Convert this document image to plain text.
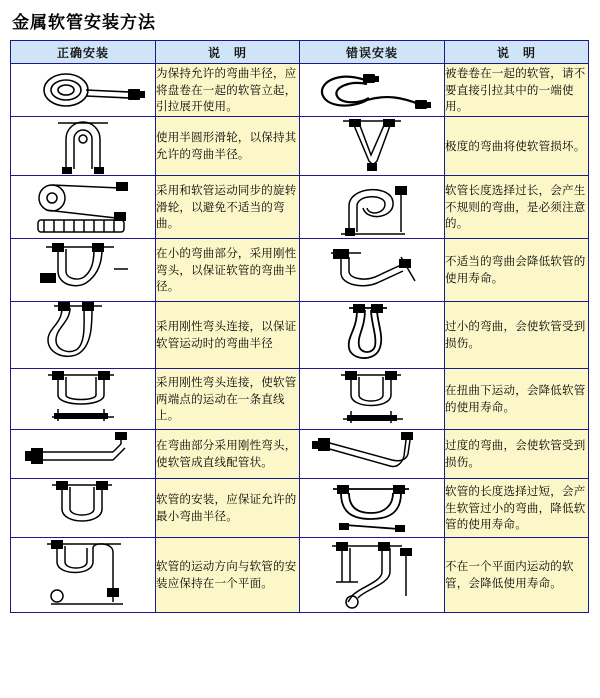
金属软管安装方法
正确安装	说　明	错误安装	说　明

	为保持允许的弯曲半径，应将盘卷在一起的软管立起，引拉展开使用。		被卷卷在一起的软管，请不要直接引拉其中的一端使用。

	使用半圆形滑轮，以保持其允许的弯曲半径。		极度的弯曲将使软管损坏。

	采用和软管运动同步的旋转滑轮，以避免不适当的弯曲。		软管长度选择过长，会产生不规则的弯曲，是必须注意的。

	在小的弯曲部分，采用刚性弯头，以保证软管的弯曲半径。		不适当的弯曲会降低软管的使用寿命。

	采用刚性弯头连接，以保证软管运动时的弯曲半径		过小的弯曲，会使软管受到损伤。

	采用刚性弯头连接，使软管两端点的运动在一条直线上。		在扭曲下运动，会降低软管的使用寿命。

	在弯曲部分采用刚性弯头，使软管成直线配管状。		过度的弯曲，会使软管受到损伤。

	软管的安装，应保证允许的最小弯曲半径。		软管的长度选择过短，会产生软管过小的弯曲，降低软管的使用寿命。

	软管的运动方向与软管的安装应保持在一个平面。		不在一个平面内运动的软管，会降低使用寿命。
